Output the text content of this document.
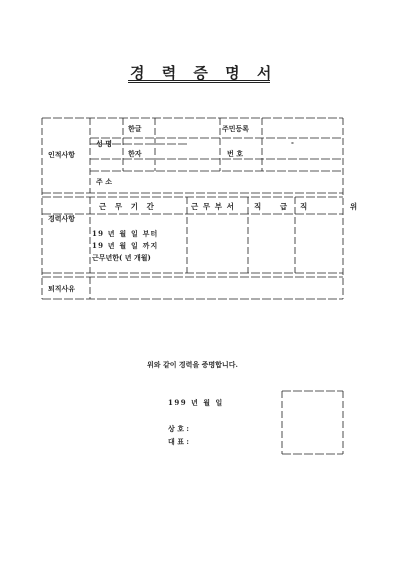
경 력 증 명 서
인적사항
성 명
한글
한자
주민등록
번 호
-
주 소
경력사항
근 무 기 간	근 무 부 서	직 급 직 위
19 년 월 일 부터
19 년 월 일 까지
근무년한( 년 개월)
퇴직사유
위와 같이 경력을 증명합니다.
199 년 월 일
상 호 :
대 표 :
